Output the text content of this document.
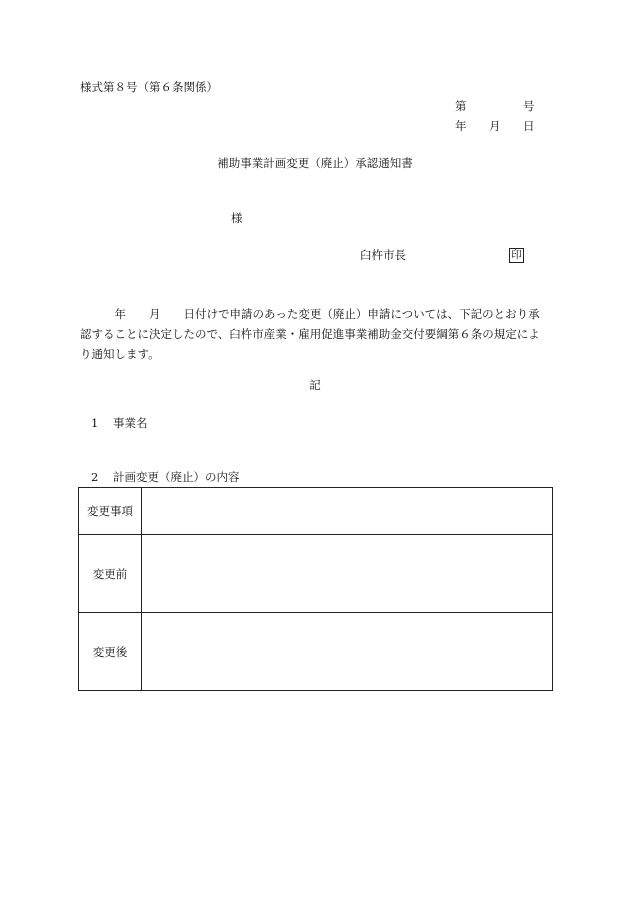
様式第８号（第６条関係）
第	号
年 月 日
補助事業計画変更（廃止）承認通知書
様
臼杵市長	印
　　　年　　月　　日付けで申請のあった変更（廃止）申請については、下記のとおり承
認することに決定したので、臼杵市産業・雇用促進事業補助金交付要綱第６条の規定によ
り通知します。
記
1 事業名
2 計画変更（廃止）の内容
変更事項	
変更前	
変更後	
